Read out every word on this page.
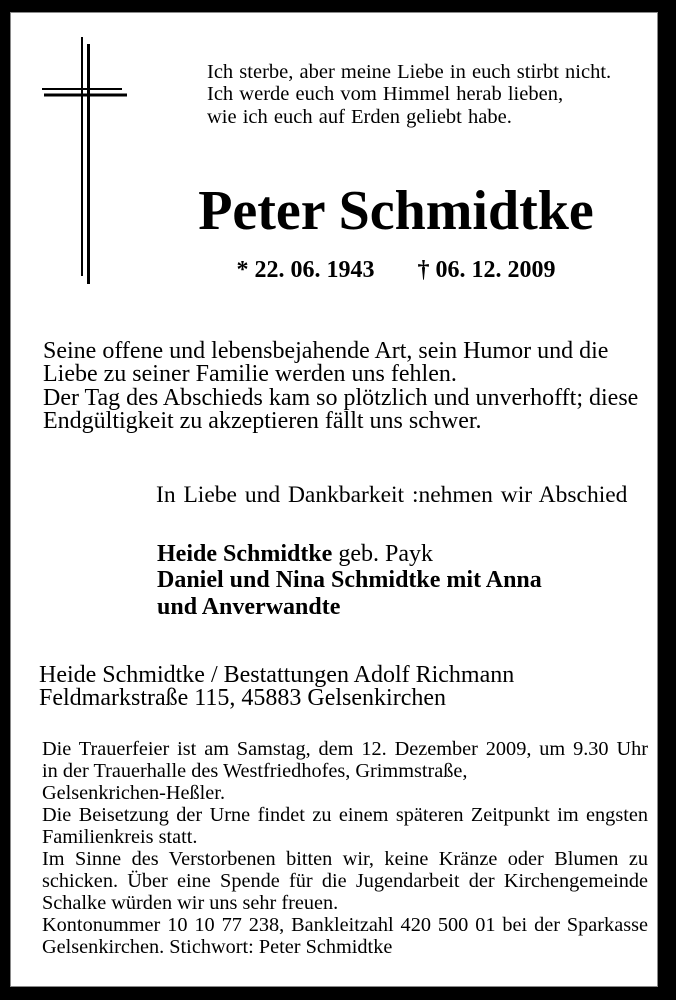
Ich sterbe, aber meine Liebe in euch stirbt nicht.
Ich werde euch vom Himmel herab lieben,
wie ich euch auf Erden geliebt habe.
Peter Schmidtke
* 22. 06. 1943 † 06. 12. 2009
Seine offene und lebensbejahende Art, sein Humor und die
Liebe zu seiner Familie werden uns fehlen.
Der Tag des Abschieds kam so plötzlich und unverhofft; diese
Endgültigkeit zu akzeptieren fällt uns schwer.
In Liebe und Dankbarkeit :nehmen wir Abschied
Heide Schmidtke geb. Payk
Daniel und Nina Schmidtke mit Anna
und Anverwandte
Heide Schmidtke / Bestattungen Adolf Richmann
Feldmarkstraße 115, 45883 Gelsenkirchen
Die Trauerfeier ist am Samstag, dem 12. Dezember 2009, um 9.30 Uhr
in der Trauerhalle des Westfriedhofes, Grimmstraße,
Gelsenkrichen-Heßler.
Die Beisetzung der Urne findet zu einem späteren Zeitpunkt im engsten
Familienkreis statt.
Im Sinne des Verstorbenen bitten wir, keine Kränze oder Blumen zu
schicken. Über eine Spende für die Jugendarbeit der Kirchengemeinde
Schalke würden wir uns sehr freuen.
Kontonummer 10 10 77 238, Bankleitzahl 420 500 01 bei der Sparkasse
Gelsenkirchen. Stichwort: Peter Schmidtke
